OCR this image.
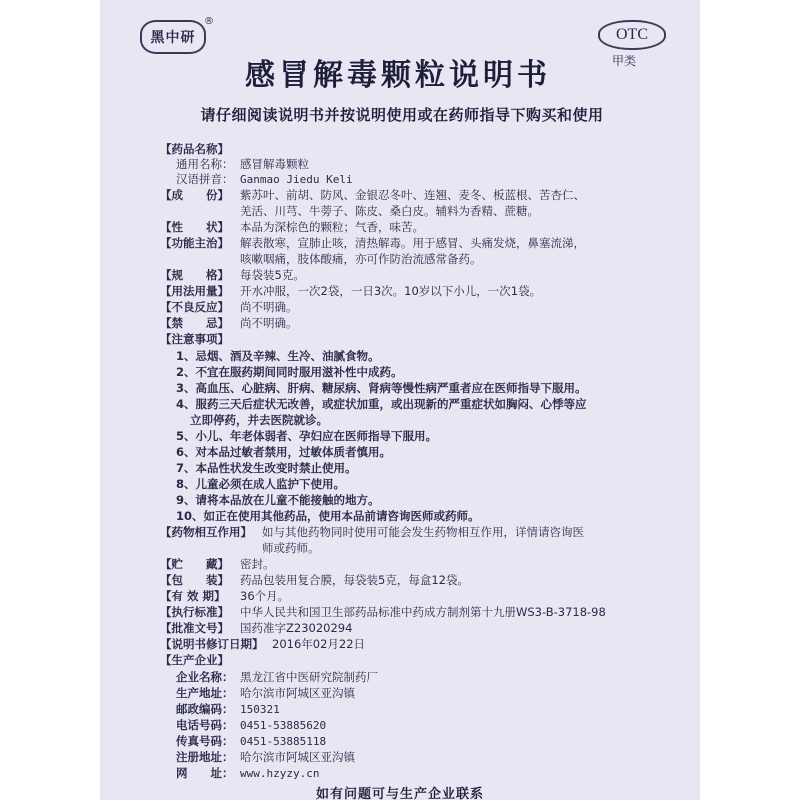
黑中研
®
OTC
甲类
感冒解毒颗粒说明书
请仔细阅读说明书并按说明使用或在药师指导下购买和使用
【药品名称】
通用名称： 感冒解毒颗粒
汉语拼音： Ganmao Jiedu Keli
【成　　份】 紫苏叶、前胡、防风、金银忍冬叶、连翘、麦冬、板蓝根、苦杏仁、
羌活、川芎、牛蒡子、陈皮、桑白皮。辅料为香精、蔗糖。
【性　　状】 本品为深棕色的颗粒；气香，味苦。
【功能主治】 解表散寒，宣肺止咳，清热解毒。用于感冒、头痛发烧，鼻塞流涕，
咳嗽咽痛，肢体酸痛，亦可作防治流感常备药。
【规　　格】 每袋装5克。
【用法用量】 开水冲服，一次2袋，一日3次。10岁以下小儿，一次1袋。
【不良反应】 尚不明确。
【禁　　忌】 尚不明确。
【注意事项】
1、忌烟、酒及辛辣、生冷、油腻食物。
2、不宜在服药期间同时服用滋补性中成药。
3、高血压、心脏病、肝病、糖尿病、肾病等慢性病严重者应在医师指导下服用。
4、服药三天后症状无改善，或症状加重，或出现新的严重症状如胸闷、心悸等应
立即停药，并去医院就诊。
5、小儿、年老体弱者、孕妇应在医师指导下服用。
6、对本品过敏者禁用，过敏体质者慎用。
7、本品性状发生改变时禁止使用。
8、儿童必须在成人监护下使用。
9、请将本品放在儿童不能接触的地方。
10、如正在使用其他药品，使用本品前请咨询医师或药师。
【药物相互作用】 如与其他药物同时使用可能会发生药物相互作用，详情请咨询医
师或药师。
【贮　　藏】 密封。
【包　　装】 药品包装用复合膜，每袋装5克，每盒12袋。
【有 效 期】 36个月。
【执行标准】 中华人民共和国卫生部药品标准中药成方制剂第十九册WS3-B-3718-98
【批准文号】 国药准字Z23020294
【说明书修订日期】 2016年02月22日
【生产企业】
企业名称： 黑龙江省中医研究院制药厂
生产地址： 哈尔滨市阿城区亚沟镇
邮政编码： 150321
电话号码： 0451-53885620
传真号码： 0451-53885118
注册地址： 哈尔滨市阿城区亚沟镇
网　　址： www.hzyzy.cn
如有问题可与生产企业联系
